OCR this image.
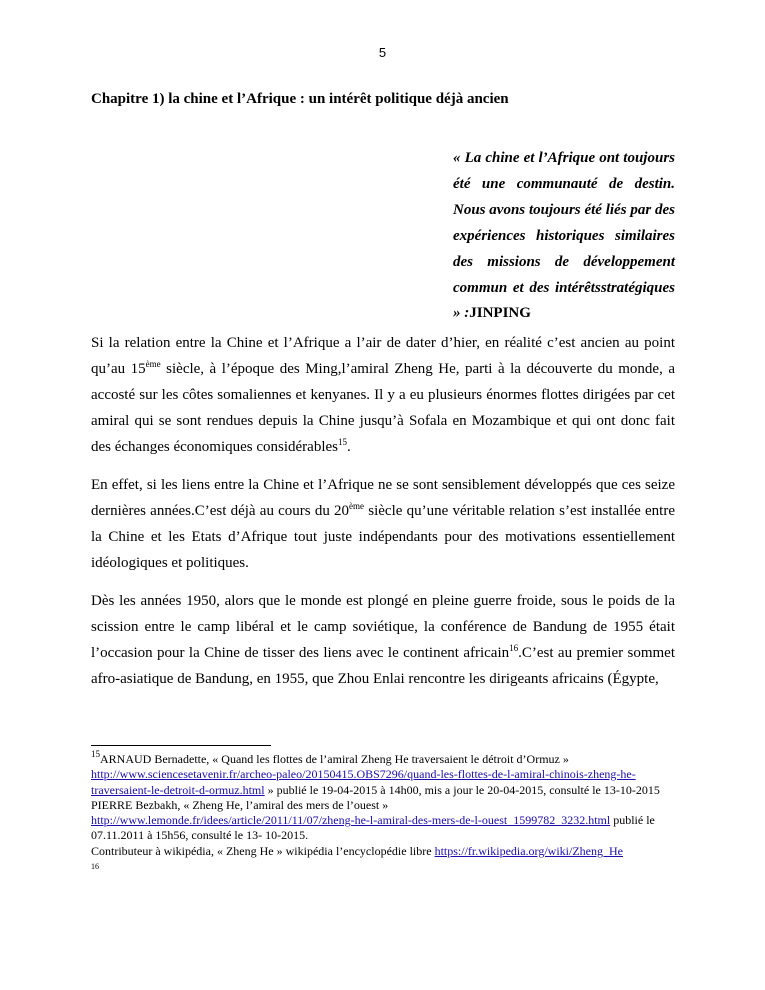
5
Chapitre 1) la chine et l’Afrique : un intérêt politique déjà ancien
« La chine et l’Afrique ont toujours été une communauté de destin. Nous avons toujours été liés par des expériences historiques similaires des missions de développement commun et des intérêtsstratégiques » :JINPING

Si la relation entre la Chine et l’Afrique a l’air de dater d’hier, en réalité c’est ancien au point qu’au 15ème siècle, à l’époque des Ming,l’amiral Zheng He, parti à la découverte du monde, a accosté sur les côtes somaliennes et kenyanes. Il y a eu plusieurs énormes flottes dirigées par cet amiral qui se sont rendues depuis la Chine jusqu’à Sofala en Mozambique et qui ont donc fait des échanges économiques considérables$^{15}$.

En effet, si les liens entre la Chine et l’Afrique ne se sont sensiblement développés que ces seize dernières années.C’est déjà au cours du 20ème siècle qu’une véritable relation s’est installée entre la Chine et les Etats d’Afrique tout juste indépendants pour des motivations essentiellement idéologiques et politiques.

Dès les années 1950, alors que le monde est plongé en pleine guerre froide, sous le poids de la scission entre le camp libéral et le camp soviétique, la conférence de Bandung de 1955 était l’occasion pour la Chine de tisser des liens avec le continent africain$^{16}$.C’est au premier sommet afro-asiatique de Bandung, en 1955, que Zhou Enlai rencontre les dirigeants africains (Égypte,

$^{15}$ARNAUD Bernadette, « Quand les flottes de l’amiral Zheng He traversaient le détroit d’Ormuz » http://www.sciencesetavenir.fr/archeo-paleo/20150415.OBS7296/quand-les-flottes-de-l-amiral-chinois-zheng-he-traversaient-le-detroit-d-ormuz.html » publié le 19-04-2015 à 14h00, mis a jour le 20-04-2015, consulté le 13-10-2015

PIERRE Bezbakh, « Zheng He, l’amiral des mers de l’ouest »
http://www.lemonde.fr/idees/article/2011/11/07/zheng-he-l-amiral-des-mers-de-l-ouest_1599782_3232.html publié le 07.11.2011 à 15h56, consulté le 13- 10-2015.

Contributeur à wikipédia, « Zheng He » wikipédia l’encyclopédie libre https://fr.wikipedia.org/wiki/Zheng_He

16
